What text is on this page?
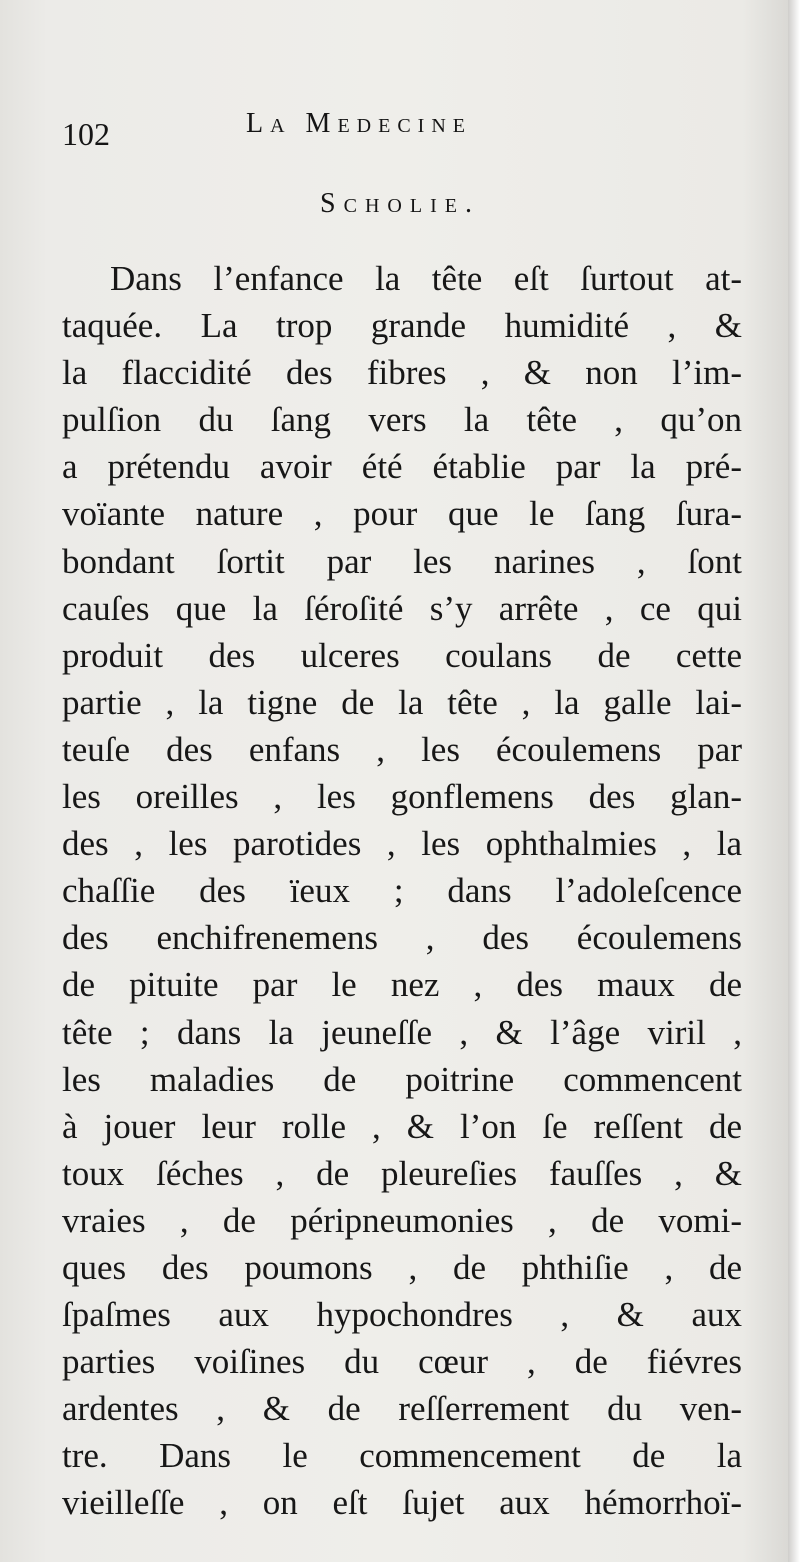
102	La Medecine
Scholie.
Dans l’enfance la tête eſt ſurtout at-
taquée. La trop grande humidité , &
la flaccidité des fibres , & non l’im-
pulſion du ſang vers la tête , qu’on
a prétendu avoir été établie par la pré-
voïante nature , pour que le ſang ſura-
bondant ſortit par les narines , ſont
cauſes que la ſéroſité s’y arrête , ce qui
produit des ulceres coulans de cette
partie , la tigne de la tête , la galle lai-
teuſe des enfans , les écoulemens par
les oreilles , les gonflemens des glan-
des , les parotides , les ophthalmies , la
chaſſie des ïeux ; dans l’adoleſcence
des enchifrenemens , des écoulemens
de pituite par le nez , des maux de
tête ; dans la jeuneſſe , & l’âge viril ,
les maladies de poitrine commencent
à jouer leur rolle , & l’on ſe reſſent de
toux ſéches , de pleureſies fauſſes , &
vraies , de péripneumonies , de vomi-
ques des poumons , de phthiſie , de
ſpaſmes aux hypochondres , & aux
parties voiſines du cœur , de fiévres
ardentes , & de reſſerrement du ven-
tre. Dans le commencement de la
vieilleſſe , on eſt ſujet aux hémorrhoï-
